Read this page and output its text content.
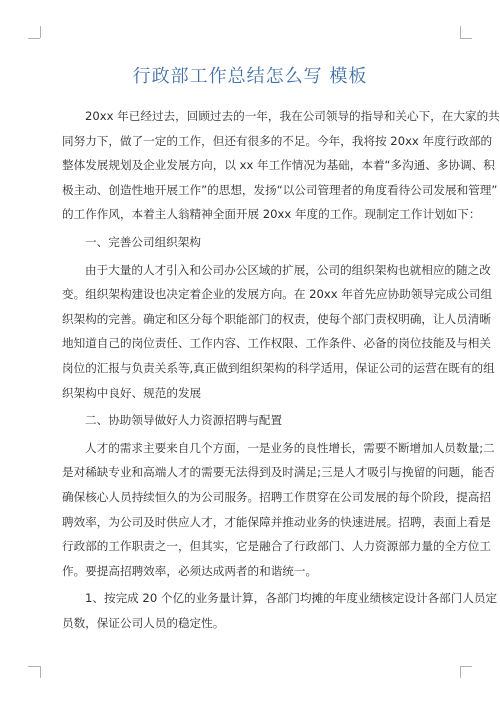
行政部工作总结怎么写 模板
20xx 年已经过去，回顾过去的一年，我在公司领导的指导和关心下，在大家的共
同努力下，做了一定的工作，但还有很多的不足。今年，我将按 20xx 年度行政部的
整体发展规划及企业发展方向，以 xx 年工作情况为基础，本着“多沟通、多协调、积
极主动、创造性地开展工作”的思想，发扬“以公司管理者的角度看待公司发展和管理”
的工作作风，本着主人翁精神全面开展 20xx 年度的工作。现制定工作计划如下：
一、完善公司组织架构
由于大量的人才引入和公司办公区域的扩展，公司的组织架构也就相应的随之改
变。组织架构建设也决定着企业的发展方向。在 20xx 年首先应协助领导完成公司组
织架构的完善。确定和区分每个职能部门的权责，使每个部门责权明确，让人员清晰
地知道自己的岗位责任、工作内容、工作权限、工作条件、必备的岗位技能及与相关
岗位的汇报与负责关系等,真正做到组织架构的科学适用，保证公司的运营在既有的组
织架构中良好、规范的发展
二、协助领导做好人力资源招聘与配置
人才的需求主要来自几个方面，一是业务的良性增长，需要不断增加人员数量;二
是对稀缺专业和高端人才的需要无法得到及时满足;三是人才吸引与挽留的问题，能否
确保核心人员持续恒久的为公司服务。招聘工作贯穿在公司发展的每个阶段，提高招
聘效率，为公司及时供应人才，才能保障并推动业务的快速进展。招聘，表面上看是
行政部的工作职责之一，但其实，它是融合了行政部门、人力资源部力量的全方位工
作。要提高招聘效率，必须达成两者的和谐统一。
1、按完成 20 个亿的业务量计算，各部门均摊的年度业绩核定设计各部门人员定
员数，保证公司人员的稳定性。
